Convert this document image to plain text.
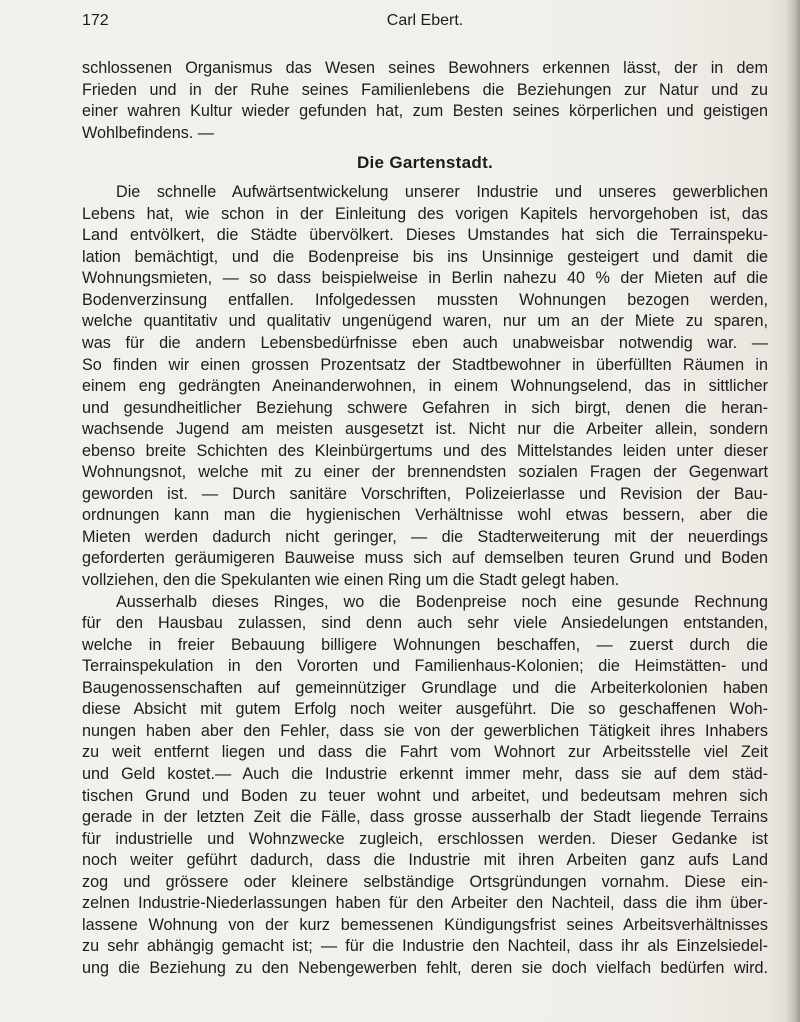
172	Carl Ebert.
schlossenen Organismus das Wesen seines Bewohners erkennen lässt, der in dem
Frieden und in der Ruhe seines Familienlebens die Beziehungen zur Natur und zu
einer wahren Kultur wieder gefunden hat, zum Besten seines körperlichen und geistigen
Wohlbefindens. —
Die Gartenstadt.
Die schnelle Aufwärtsentwickelung unserer Industrie und unseres gewerblichen
Lebens hat, wie schon in der Einleitung des vorigen Kapitels hervorgehoben ist, das
Land entvölkert, die Städte übervölkert. Dieses Umstandes hat sich die Terrainspeku-
lation bemächtigt, und die Bodenpreise bis ins Unsinnige gesteigert und damit die
Wohnungsmieten, — so dass beispielweise in Berlin nahezu 40 % der Mieten auf die
Bodenverzinsung entfallen. Infolgedessen mussten Wohnungen bezogen werden,
welche quantitativ und qualitativ ungenügend waren, nur um an der Miete zu sparen,
was für die andern Lebensbedürfnisse eben auch unabweisbar notwendig war. —
So finden wir einen grossen Prozentsatz der Stadtbewohner in überfüllten Räumen in
einem eng gedrängten Aneinanderwohnen, in einem Wohnungselend, das in sittlicher
und gesundheitlicher Beziehung schwere Gefahren in sich birgt, denen die heran-
wachsende Jugend am meisten ausgesetzt ist. Nicht nur die Arbeiter allein, sondern
ebenso breite Schichten des Kleinbürgertums und des Mittelstandes leiden unter dieser
Wohnungsnot, welche mit zu einer der brennendsten sozialen Fragen der Gegenwart
geworden ist. — Durch sanitäre Vorschriften, Polizeierlasse und Revision der Bau-
ordnungen kann man die hygienischen Verhältnisse wohl etwas bessern, aber die
Mieten werden dadurch nicht geringer, — die Stadterweiterung mit der neuerdings
geforderten geräumigeren Bauweise muss sich auf demselben teuren Grund und Boden
vollziehen, den die Spekulanten wie einen Ring um die Stadt gelegt haben.
Ausserhalb dieses Ringes, wo die Bodenpreise noch eine gesunde Rechnung
für den Hausbau zulassen, sind denn auch sehr viele Ansiedelungen entstanden,
welche in freier Bebauung billigere Wohnungen beschaffen, — zuerst durch die
Terrainspekulation in den Vororten und Familienhaus-Kolonien; die Heimstätten- und
Baugenossenschaften auf gemeinnütziger Grundlage und die Arbeiterkolonien haben
diese Absicht mit gutem Erfolg noch weiter ausgeführt. Die so geschaffenen Woh-
nungen haben aber den Fehler, dass sie von der gewerblichen Tätigkeit ihres Inhabers
zu weit entfernt liegen und dass die Fahrt vom Wohnort zur Arbeitsstelle viel Zeit
und Geld kostet.— Auch die Industrie erkennt immer mehr, dass sie auf dem städ-
tischen Grund und Boden zu teuer wohnt und arbeitet, und bedeutsam mehren sich
gerade in der letzten Zeit die Fälle, dass grosse ausserhalb der Stadt liegende Terrains
für industrielle und Wohnzwecke zugleich, erschlossen werden. Dieser Gedanke ist
noch weiter geführt dadurch, dass die Industrie mit ihren Arbeiten ganz aufs Land
zog und grössere oder kleinere selbständige Ortsgründungen vornahm. Diese ein-
zelnen Industrie-Niederlassungen haben für den Arbeiter den Nachteil, dass die ihm über-
lassene Wohnung von der kurz bemessenen Kündigungsfrist seines Arbeitsverhältnisses
zu sehr abhängig gemacht ist; — für die Industrie den Nachteil, dass ihr als Einzelsiedel-
ung die Beziehung zu den Nebengewerben fehlt, deren sie doch vielfach bedürfen wird.
